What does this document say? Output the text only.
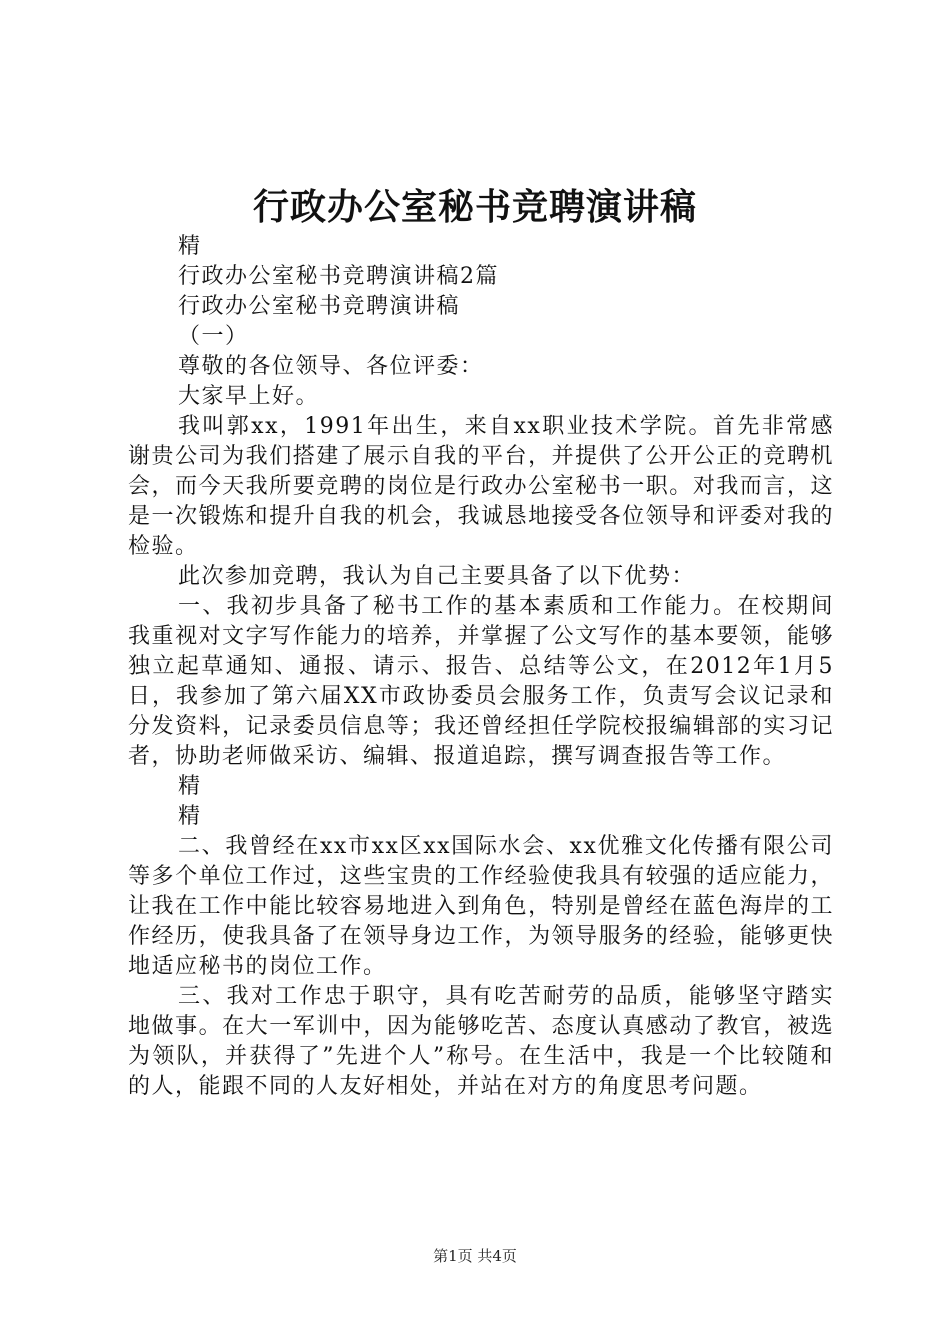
行政办公室秘书竞聘演讲稿

精

行政办公室秘书竞聘演讲稿2篇

行政办公室秘书竞聘演讲稿

（一）

尊敬的各位领导、各位评委：

大家早上好。

我叫郭xx，1991年出生，来自xx职业技术学院。首先非常感谢贵公司为我们搭建了展示自我的平台，并提供了公开公正的竞聘机会，而今天我所要竞聘的岗位是行政办公室秘书一职。对我而言，这是一次锻炼和提升自我的机会，我诚恳地接受各位领导和评委对我的检验。

此次参加竞聘，我认为自己主要具备了以下优势：

一、我初步具备了秘书工作的基本素质和工作能力。在校期间我重视对文字写作能力的培养，并掌握了公文写作的基本要领，能够独立起草通知、通报、请示、报告、总结等公文，在2012年1月5日，我参加了第六届XX市政协委员会服务工作，负责写会议记录和分发资料，记录委员信息等；我还曾经担任学院校报编辑部的实习记者，协助老师做采访、编辑、报道追踪，撰写调查报告等工作。

精

精

二、我曾经在xx市xx区xx国际水会、xx优雅文化传播有限公司等多个单位工作过，这些宝贵的工作经验使我具有较强的适应能力，让我在工作中能比较容易地进入到角色，特别是曾经在蓝色海岸的工作经历，使我具备了在领导身边工作，为领导服务的经验，能够更快地适应秘书的岗位工作。

三、我对工作忠于职守，具有吃苦耐劳的品质，能够坚守踏实地做事。在大一军训中，因为能够吃苦、态度认真感动了教官，被选为领队，并获得了”先进个人”称号。在生活中，我是一个比较随和的人，能跟不同的人友好相处，并站在对方的角度思考问题。

第1页 共4页
